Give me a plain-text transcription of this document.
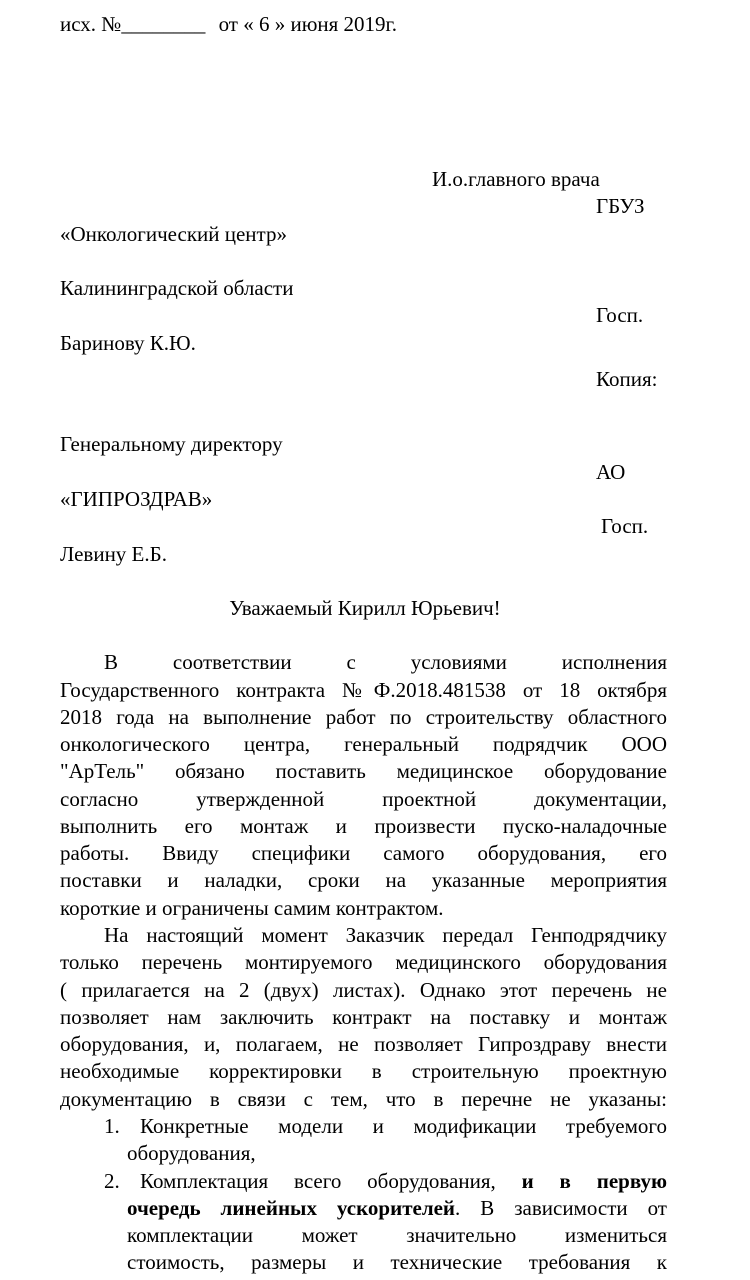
исх. №________ от « 6 » июня 2019г.
И.о.главного врача
ГБУЗ
«Онкологический центр»
Калининградской области
Госп.
Баринову К.Ю.
Копия:
Генеральному директору
АО
«ГИПРОЗДРАВ»
Госп.
Левину Е.Б.
Уважаемый Кирилл Юрьевич!
В соответствии с условиями исполнения
Государственного контракта №Ф.2018.481538 от 18 октября
2018 года на выполнение работ по строительству областного
онкологического центра, генеральный подрядчик ООО
"АрТель" обязано поставить медицинское оборудование
согласно утвержденной проектной документации,
выполнить его монтаж и произвести пуско-наладочные
работы. Ввиду специфики самого оборудования, его
поставки и наладки, сроки на указанные мероприятия
короткие и ограничены самим контрактом.
На настоящий момент Заказчик передал Генподрядчику
только перечень монтируемого медицинского оборудования
( прилагается на 2 (двух) листах). Однако этот перечень не
позволяет нам заключить контракт на поставку и монтаж
оборудования, и, полагаем, не позволяет Гипроздраву внести
необходимые корректировки в строительную проектную
документацию в связи с тем, что в перечне не указаны:
1. Конкретные модели и модификации требуемого
оборудования,
2. Комплектация всего оборудования, и в первую
очередь линейных ускорителей. В зависимости от
комплектации может значительно измениться
стоимость, размеры и технические требования к
